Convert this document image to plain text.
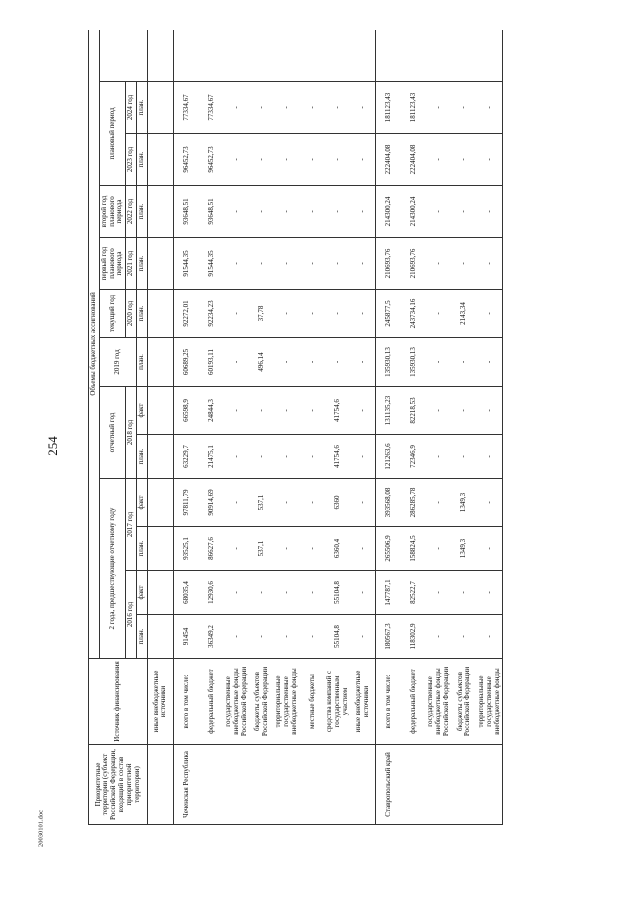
254
20030101.doc
Приоритетные территории (субъект Российской Федерации, входящий в состав приоритетной территории)	Источник финансирования	Объемы бюджетных ассигнований												
		2 года, предшествующие отчетному году				отчетный год		2019 год	текущий год	первый год планового периода	второй год планового периода	плановый период		
		2016 год		2017 год		2018 год			2020 год	2021 год	2022 год	2023 год	2024 год	
		план.	факт	план.	факт	план.	факт	план.	план.	план.	план.	план.	план.	
	иные внебюджетные источники													
Чеченская Республика	всего в том числе:	91454	68035,4	93525,1	97811,79	63229,7	66598,9	60689,25	92272,01	91544,35	93648,51	96452,73	77334,67	
	федеральный бюджет	36349,2	12930,6	86627,6	90914,69	21475,1	24844,3	60193,11	92234,23	91544,35	93648,51	96452,73	77334,67	
	государственные внебюджетные фонды Российской Федерации	-	-	-	-	-	-	-	-	-	-	-	-	
	бюджеты субъектов Российской Федерации	-	-	537,1	537,1	-	-	496,14	37,78	-	-	-	-	
	территориальные государственные внебюджетные фонды	-	-	-	-	-	-	-	-	-	-	-	-	
	местные бюджеты	-	-	-	-	-	-	-	-	-	-	-	-	
	средства компаний с государственным участием	55104,8	55104,8	6360,4	6360	41754,6	41754,6	-	-	-	-	-	-	
	иные внебюджетные источники	-	-	-	-	-	-	-	-	-	-	-	-	
Ставропольский край	всего в том числе:	180567,3	147787,1	265506,9	393568,08	121263,6	131135,23	135930,13	245877,5	210693,76	214300,24	222404,08	181123,43	
	федеральный бюджет	118302,9	82522,7	158824,5	286285,78	72346,9	82218,53	135930,13	243734,16	210693,76	214300,24	222404,08	181123,43	
	государственные внебюджетные фонды Российской Федерации	-	-	-	-	-	-	-	-	-	-	-	-	
	бюджеты субъектов Российской Федерации	-	-	1349,3	1349,3	-	-	-	2143,34	-	-	-	-	
	территориальные государственные внебюджетные фонды	-	-	-	-	-	-	-	-	-	-	-	-	
